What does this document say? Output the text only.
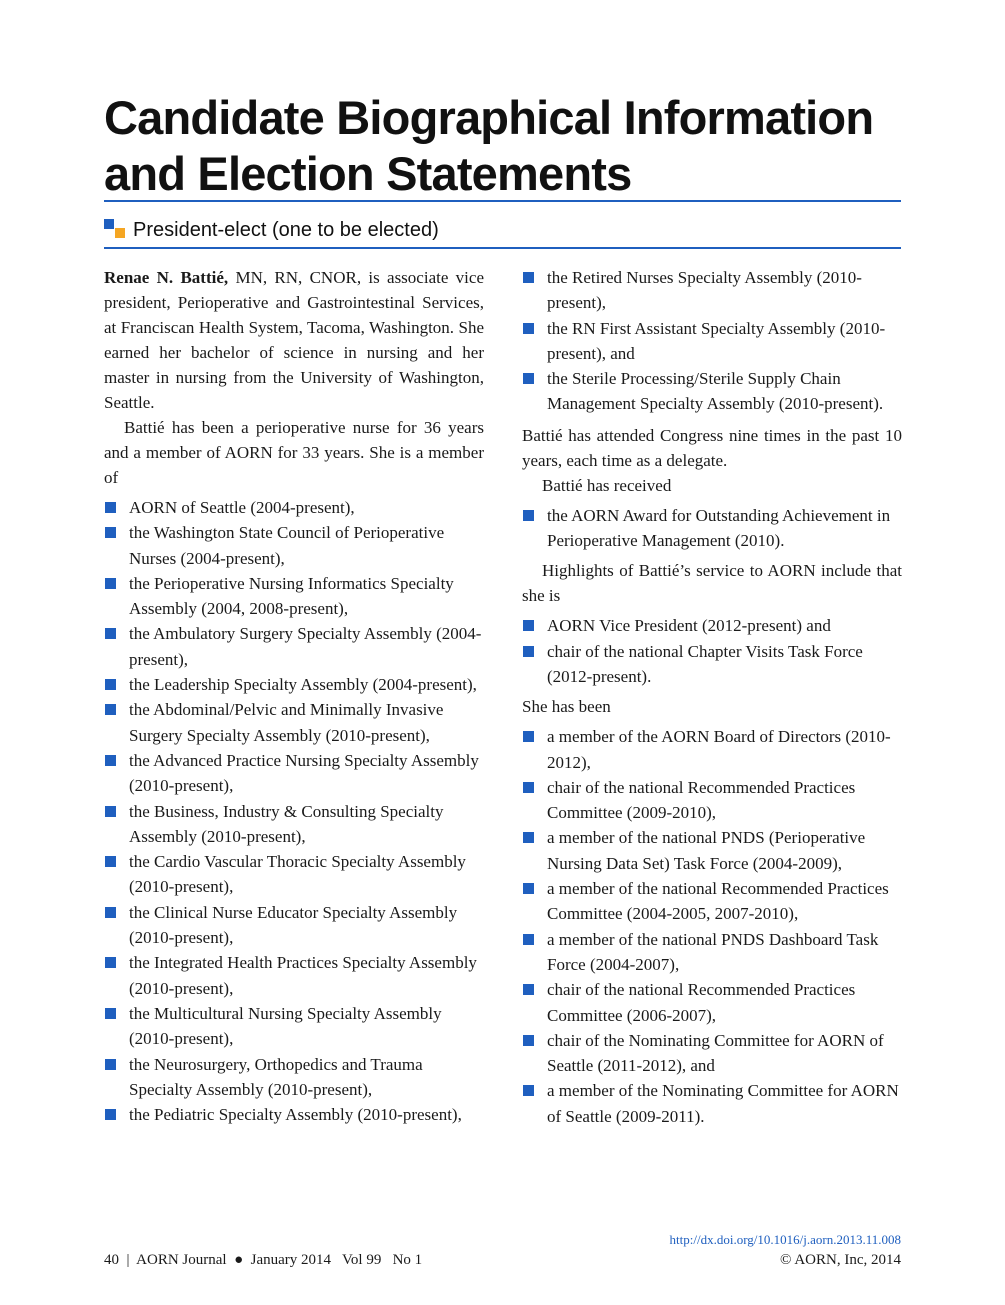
Candidate Biographical Information and Election Statements
President-elect (one to be elected)

Renae N. Battié, MN, RN, CNOR, is associate vice president, Perioperative and Gastrointestinal Services, at Franciscan Health System, Tacoma, Washington. She earned her bachelor of science in nursing and her master in nursing from the University of Washington, Seattle.

Battié has been a perioperative nurse for 36 years and a member of AORN for 33 years. She is a member of

AORN of Seattle (2004-present),
the Washington State Council of Perioperative Nurses (2004-present),
the Perioperative Nursing Informatics Specialty Assembly (2004, 2008-present),
the Ambulatory Surgery Specialty Assembly (2004-present),
the Leadership Specialty Assembly (2004-present),
the Abdominal/Pelvic and Minimally Invasive Surgery Specialty Assembly (2010-present),
the Advanced Practice Nursing Specialty Assembly (2010-present),
the Business, Industry & Consulting Specialty Assembly (2010-present),
the Cardio Vascular Thoracic Specialty Assembly (2010-present),
the Clinical Nurse Educator Specialty Assembly (2010-present),
the Integrated Health Practices Specialty Assembly (2010-present),
the Multicultural Nursing Specialty Assembly (2010-present),
the Neurosurgery, Orthopedics and Trauma Specialty Assembly (2010-present),
the Pediatric Specialty Assembly (2010-present),
the Retired Nurses Specialty Assembly (2010-present),
the RN First Assistant Specialty Assembly (2010-present), and
the Sterile Processing/Sterile Supply Chain Management Specialty Assembly (2010-present).

Battié has attended Congress nine times in the past 10 years, each time as a delegate.

Battié has received

the AORN Award for Outstanding Achievement in Perioperative Management (2010).

Highlights of Battié’s service to AORN include that she is

AORN Vice President (2012-present) and
chair of the national Chapter Visits Task Force (2012-present).

She has been

a member of the AORN Board of Directors (2010-2012),
chair of the national Recommended Practices Committee (2009-2010),
a member of the national PNDS (Perioperative Nursing Data Set) Task Force (2004-2009),
a member of the national Recommended Practices Committee (2004-2005, 2007-2010),
a member of the national PNDS Dashboard Task Force (2004-2007),
chair of the national Recommended Practices Committee (2006-2007),
chair of the Nominating Committee for AORN of Seattle (2011-2012), and
a member of the Nominating Committee for AORN of Seattle (2009-2011).
http://dx.doi.org/10.1016/j.aorn.2013.11.008
40  |  AORN Journal  ●  January 2014   Vol 99   No 1	© AORN, Inc, 2014
